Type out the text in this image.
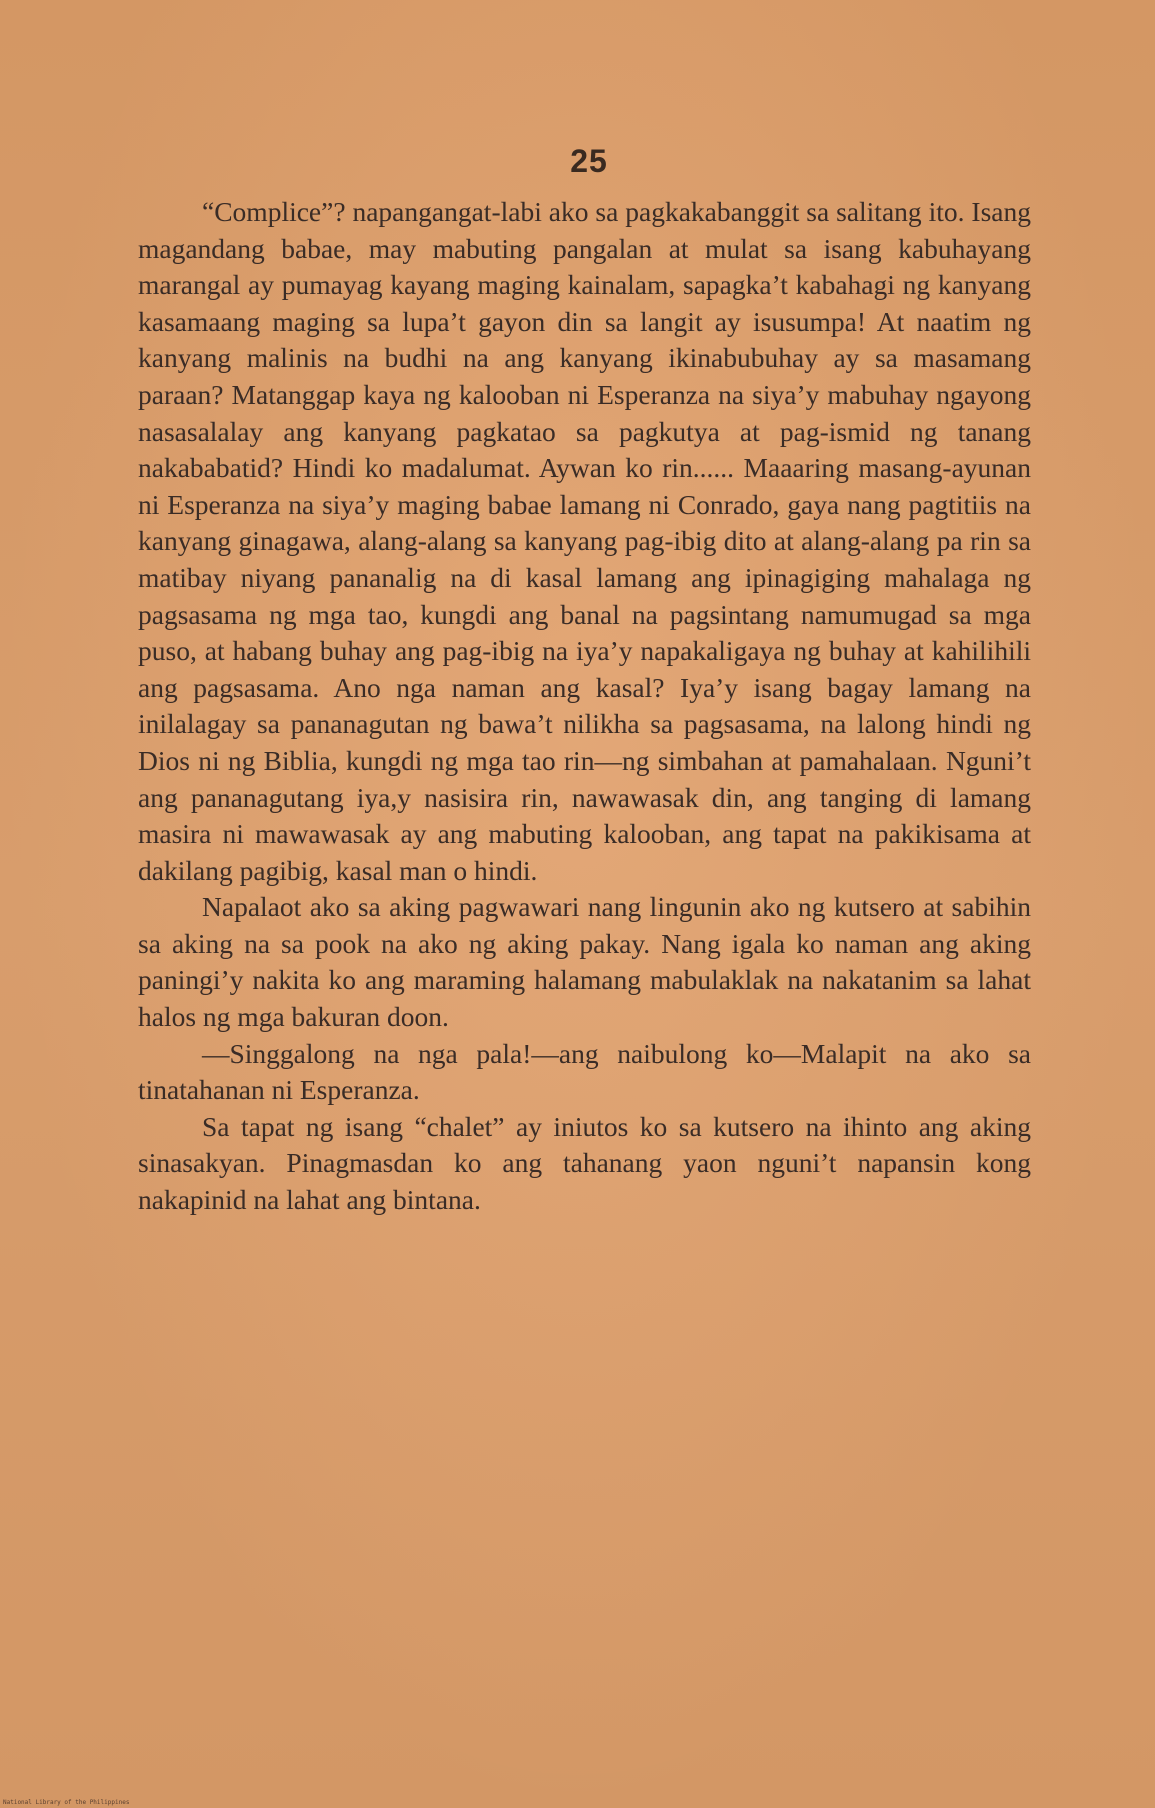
25

“Complice”? napangangat-labi ako sa pagkakabanggit sa salitang ito. Isang magandang babae, may mabuting pangalan at mulat sa isang kabuhayang marangal ay pumayag kayang maging kainalam, sapagka’t kabahagi ng kanyang kasamaang maging sa lupa’t gayon din sa langit ay isusumpa! At naatim ng kanyang malinis na budhi na ang kanyang ikinabubuhay ay sa masamang paraan? Matanggap kaya ng kalooban ni Esperanza na siya’y mabuhay ngayong nasasalalay ang kanyang pagkatao sa pagkutya at pag-ismid ng tanang nakababatid? Hindi ko madalumat. Aywan ko rin...... Maaaring masang-ayunan ni Esperanza na siya’y maging babae lamang ni Conrado, gaya nang pagtitiis na kanyang ginagawa, alang-alang sa kanyang pag-ibig dito at alang-alang pa rin sa matibay niyang pananalig na di kasal lamang ang ipinagiging mahalaga ng pagsasama ng mga tao, kungdi ang banal na pagsintang namumugad sa mga puso, at habang buhay ang pag-ibig na iya’y napakaligaya ng buhay at kahilihili ang pagsasama. Ano nga naman ang kasal? Iya’y isang bagay lamang na inilalagay sa pananagutan ng bawa’t nilikha sa pagsasama, na lalong hindi ng Dios ni ng Biblia, kungdi ng mga tao rin—ng simbahan at pamahalaan. Nguni’t ang pananagutang iya,y nasisira rin, nawawasak din, ang tanging di lamang masira ni mawawasak ay ang mabuting kalooban, ang tapat na pakikisama at dakilang pagibig, kasal man o hindi.

Napalaot ako sa aking pagwawari nang lingunin ako ng kutsero at sabihin sa aking na sa pook na ako ng aking pakay. Nang igala ko naman ang aking paningi’y nakita ko ang maraming halamang mabulaklak na nakatanim sa lahat halos ng mga bakuran doon.

—Singgalong na nga pala!—ang naibulong ko—Malapit na ako sa tinatahanan ni Esperanza.

Sa tapat ng isang “chalet” ay iniutos ko sa kutsero na ihinto ang aking sinasakyan. Pinagmasdan ko ang tahanang yaon nguni’t napansin kong nakapinid na lahat ang bintana.

National Library of the Philippines
